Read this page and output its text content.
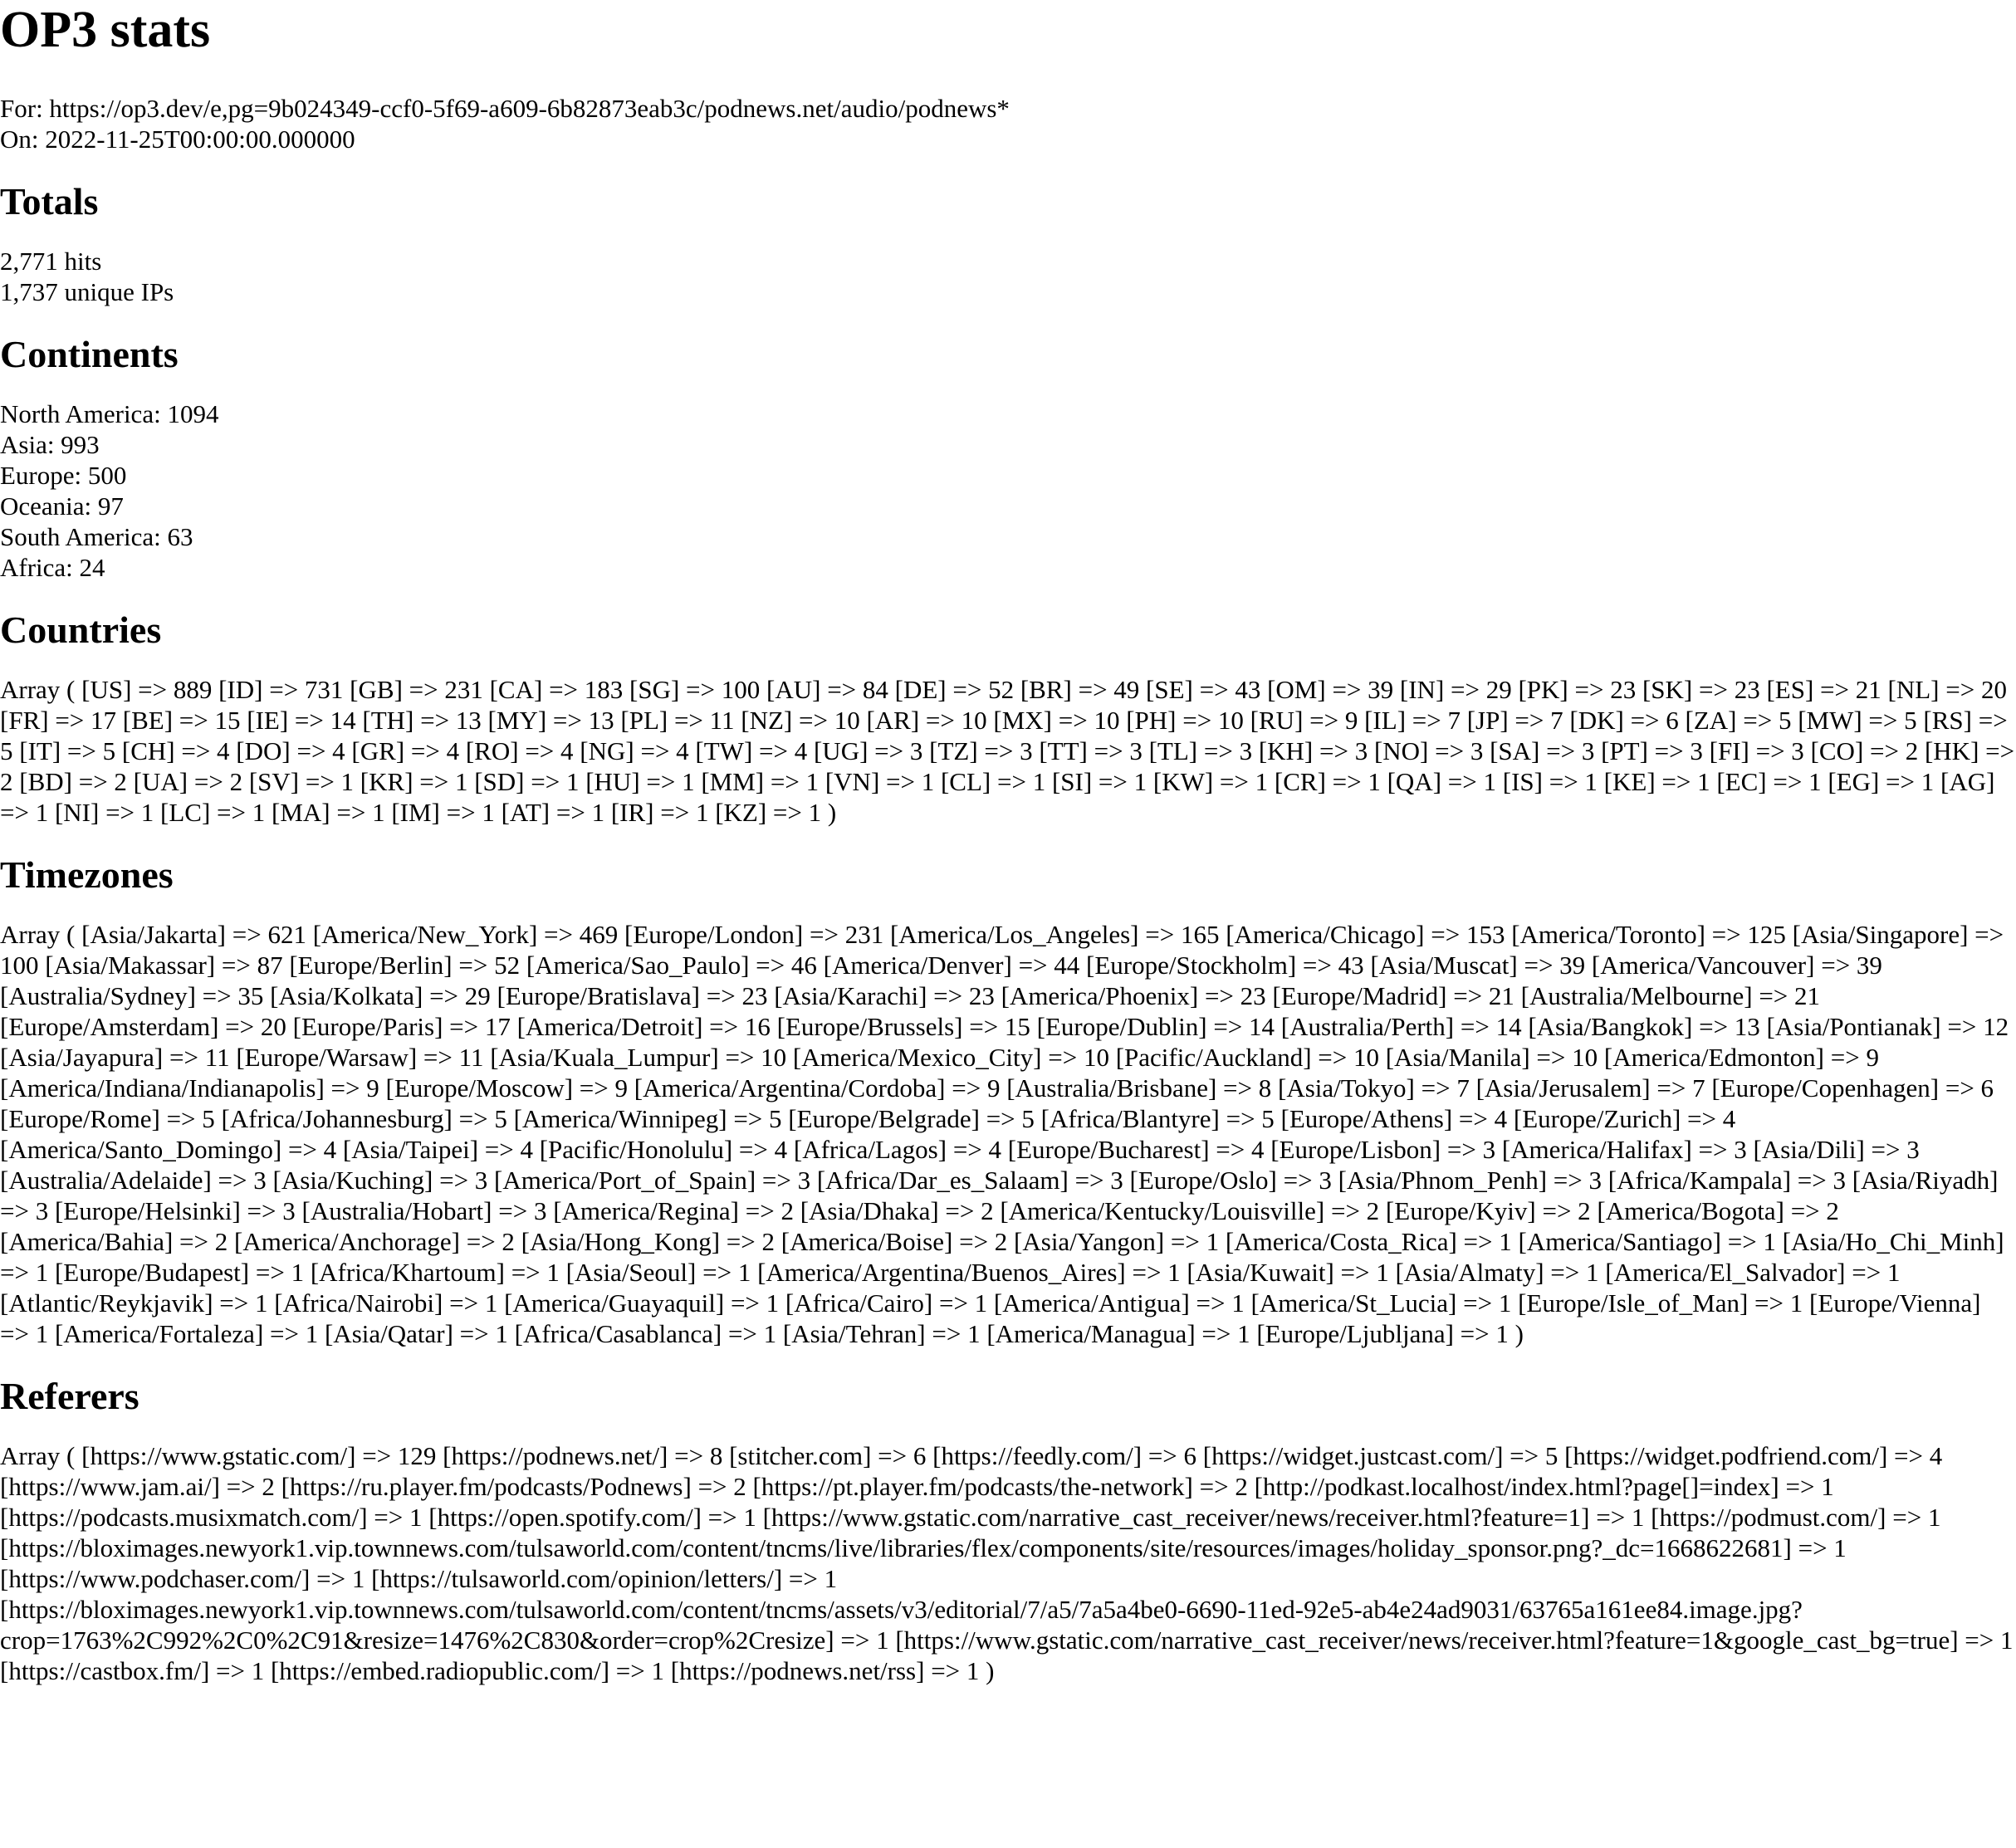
OP3 stats
For: https://op3.dev/e,pg=9b024349-ccf0-5f69-a609-6b82873eab3c/podnews.net/audio/podnews*
On: 2022-11-25T00:00:00.000000
Totals
2,771 hits
1,737 unique IPs
Continents
North America: 1094
Asia: 993
Europe: 500
Oceania: 97
South America: 63
Africa: 24
Countries
Array ( [US] => 889 [ID] => 731 [GB] => 231 [CA] => 183 [SG] => 100 [AU] => 84 [DE] => 52 [BR] => 49 [SE] => 43 [OM] => 39 [IN] => 29 [PK] => 23 [SK] => 23 [ES] => 21 [NL] => 20 [FR] => 17 [BE] => 15 [IE] => 14 [TH] => 13 [MY] => 13 [PL] => 11 [NZ] => 10 [AR] => 10 [MX] => 10 [PH] => 10 [RU] => 9 [IL] => 7 [JP] => 7 [DK] => 6 [ZA] => 5 [MW] => 5 [RS] => 5 [IT] => 5 [CH] => 4 [DO] => 4 [GR] => 4 [RO] => 4 [NG] => 4 [TW] => 4 [UG] => 3 [TZ] => 3 [TT] => 3 [TL] => 3 [KH] => 3 [NO] => 3 [SA] => 3 [PT] => 3 [FI] => 3 [CO] => 2 [HK] => 2 [BD] => 2 [UA] => 2 [SV] => 1 [KR] => 1 [SD] => 1 [HU] => 1 [MM] => 1 [VN] => 1 [CL] => 1 [SI] => 1 [KW] => 1 [CR] => 1 [QA] => 1 [IS] => 1 [KE] => 1 [EC] => 1 [EG] => 1 [AG] => 1 [NI] => 1 [LC] => 1 [MA] => 1 [IM] => 1 [AT] => 1 [IR] => 1 [KZ] => 1 )
Timezones
Array ( [Asia/Jakarta] => 621 [America/New_York] => 469 [Europe/London] => 231 [America/Los_Angeles] => 165 [America/Chicago] => 153 [America/Toronto] => 125 [Asia/Singapore] => 100 [Asia/Makassar] => 87 [Europe/Berlin] => 52 [America/Sao_Paulo] => 46 [America/Denver] => 44 [Europe/Stockholm] => 43 [Asia/Muscat] => 39 [America/Vancouver] => 39 [Australia/Sydney] => 35 [Asia/Kolkata] => 29 [Europe/Bratislava] => 23 [Asia/Karachi] => 23 [America/Phoenix] => 23 [Europe/Madrid] => 21 [Australia/Melbourne] => 21 [Europe/Amsterdam] => 20 [Europe/Paris] => 17 [America/Detroit] => 16 [Europe/Brussels] => 15 [Europe/Dublin] => 14 [Australia/Perth] => 14 [Asia/Bangkok] => 13 [Asia/Pontianak] => 12 [Asia/Jayapura] => 11 [Europe/Warsaw] => 11 [Asia/Kuala_Lumpur] => 10 [America/Mexico_City] => 10 [Pacific/Auckland] => 10 [Asia/Manila] => 10 [America/Edmonton] => 9 [America/Indiana/Indianapolis] => 9 [Europe/Moscow] => 9 [America/Argentina/Cordoba] => 9 [Australia/Brisbane] => 8 [Asia/Tokyo] => 7 [Asia/Jerusalem] => 7 [Europe/Copenhagen] => 6 [Europe/Rome] => 5 [Africa/Johannesburg] => 5 [America/Winnipeg] => 5 [Europe/Belgrade] => 5 [Africa/Blantyre] => 5 [Europe/Athens] => 4 [Europe/Zurich] => 4 [America/Santo_Domingo] => 4 [Asia/Taipei] => 4 [Pacific/Honolulu] => 4 [Africa/Lagos] => 4 [Europe/Bucharest] => 4 [Europe/Lisbon] => 3 [America/Halifax] => 3 [Asia/Dili] => 3 [Australia/Adelaide] => 3 [Asia/Kuching] => 3 [America/Port_of_Spain] => 3 [Africa/Dar_es_Salaam] => 3 [Europe/Oslo] => 3 [Asia/Phnom_Penh] => 3 [Africa/Kampala] => 3 [Asia/Riyadh] => 3 [Europe/Helsinki] => 3 [Australia/Hobart] => 3 [America/Regina] => 2 [Asia/Dhaka] => 2 [America/Kentucky/Louisville] => 2 [Europe/Kyiv] => 2 [America/Bogota] => 2 [America/Bahia] => 2 [America/Anchorage] => 2 [Asia/Hong_Kong] => 2 [America/Boise] => 2 [Asia/Yangon] => 1 [America/Costa_Rica] => 1 [America/Santiago] => 1 [Asia/Ho_Chi_Minh] => 1 [Europe/Budapest] => 1 [Africa/Khartoum] => 1 [Asia/Seoul] => 1 [America/Argentina/Buenos_Aires] => 1 [Asia/Kuwait] => 1 [Asia/Almaty] => 1 [America/El_Salvador] => 1 [Atlantic/Reykjavik] => 1 [Africa/Nairobi] => 1 [America/Guayaquil] => 1 [Africa/Cairo] => 1 [America/Antigua] => 1 [America/St_Lucia] => 1 [Europe/Isle_of_Man] => 1 [Europe/Vienna] => 1 [America/Fortaleza] => 1 [Asia/Qatar] => 1 [Africa/Casablanca] => 1 [Asia/Tehran] => 1 [America/Managua] => 1 [Europe/Ljubljana] => 1 )
Referers
Array ( [https://www.gstatic.com/] => 129 [https://podnews.net/] => 8 [stitcher.com] => 6 [https://feedly.com/] => 6 [https://widget.justcast.com/] => 5 [https://widget.podfriend.com/] => 4 [https://www.jam.ai/] => 2 [https://ru.player.fm/podcasts/Podnews] => 2 [https://pt.player.fm/podcasts/the-network] => 2 [http://podkast.localhost/index.html?page[]=index] => 1 [https://podcasts.musixmatch.com/] => 1 [https://open.spotify.com/] => 1 [https://www.gstatic.com/narrative_cast_receiver/news/receiver.html?feature=1] => 1 [https://podmust.com/] => 1 [https://bloximages.newyork1.vip.townnews.com/tulsaworld.com/content/tncms/live/libraries/flex/components/site/resources/images/holiday_sponsor.png?_dc=1668622681] => 1 [https://www.podchaser.com/] => 1 [https://tulsaworld.com/opinion/letters/] => 1 [https://bloximages.newyork1.vip.townnews.com/tulsaworld.com/content/tncms/assets/v3/editorial/7/a5/7a5a4be0-6690-11ed-92e5-ab4e24ad9031/63765a161ee84.image.jpg?crop=1763%2C992%2C0%2C91&resize=1476%2C830&order=crop%2Cresize] => 1 [https://www.gstatic.com/narrative_cast_receiver/news/receiver.html?feature=1&google_cast_bg=true] => 1 [https://castbox.fm/] => 1 [https://embed.radiopublic.com/] => 1 [https://podnews.net/rss] => 1 )
